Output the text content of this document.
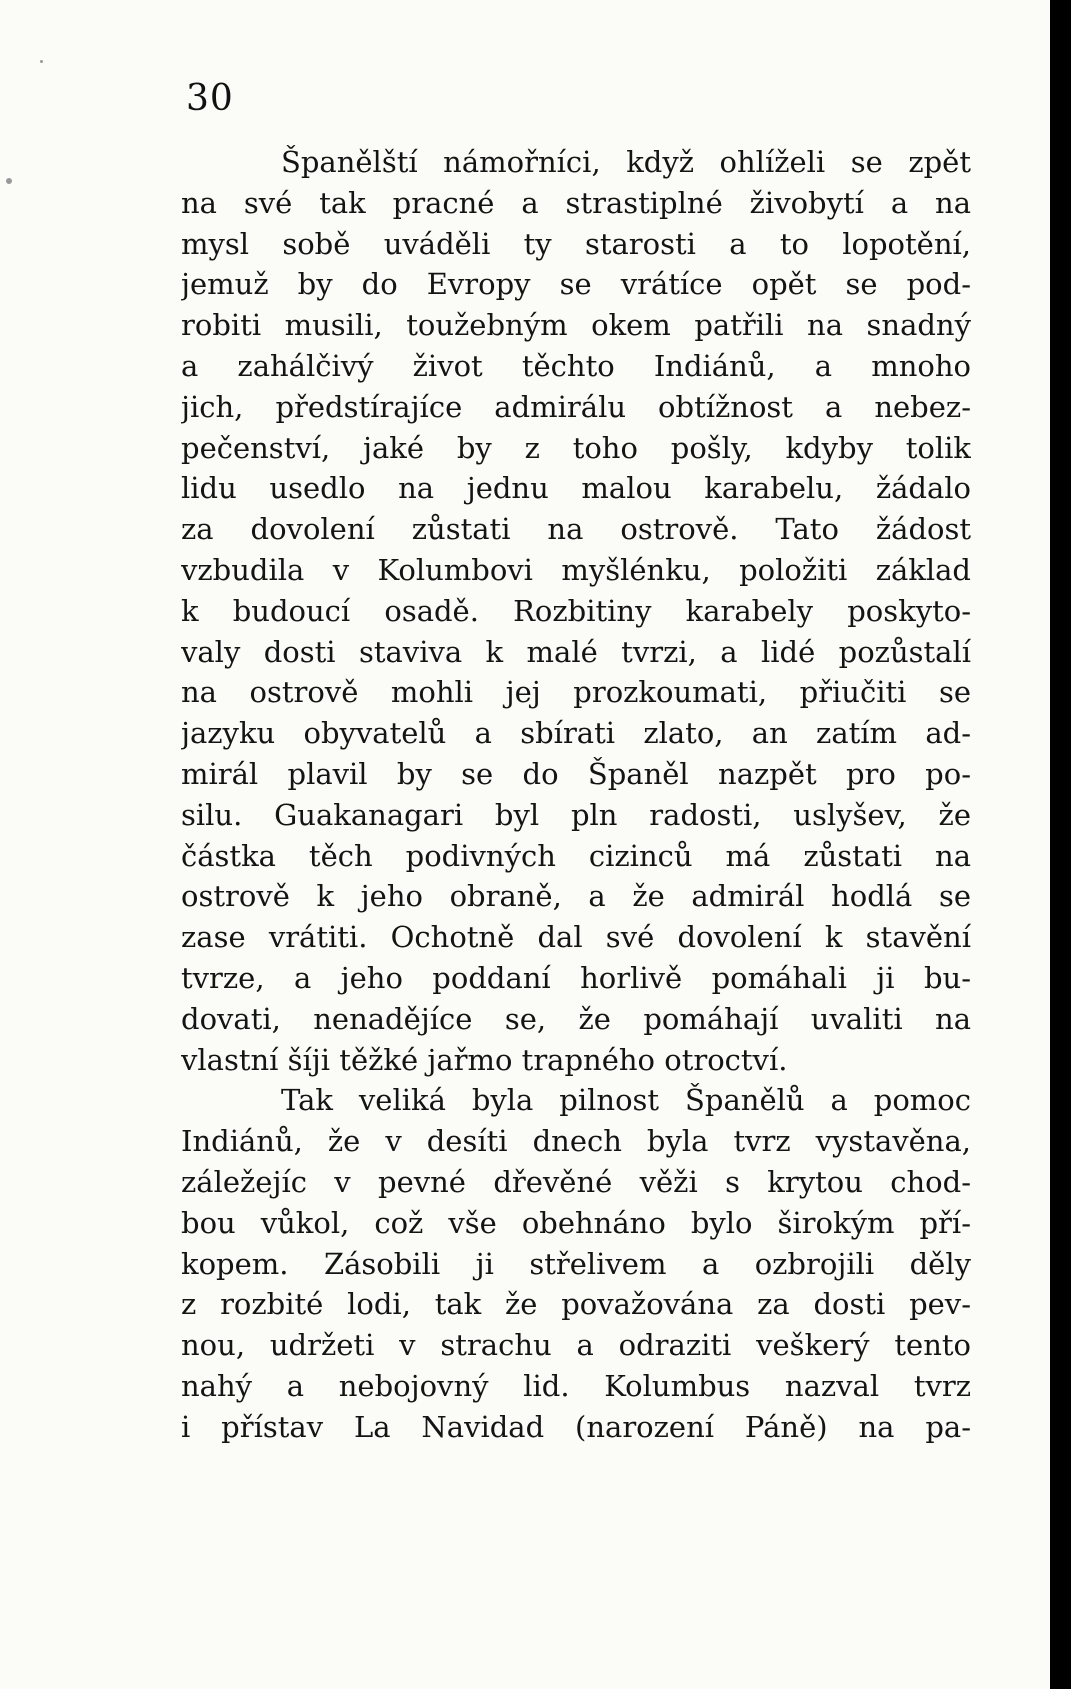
30
Španělští námořníci, když ohlíželi se zpět
na své tak pracné a strastiplné živobytí a na
mysl sobě uváděli ty starosti a to lopotění,
jemuž by do Evropy se vrátíce opět se pod-
robiti musili, toužebným okem patřili na snadný
a zahálčivý život těchto Indiánů, a mnoho
jich, předstírajíce admirálu obtížnost a nebez-
pečenství, jaké by z toho pošly, kdyby tolik
lidu usedlo na jednu malou karabelu, žádalo
za dovolení zůstati na ostrově. Tato žádost
vzbudila v Kolumbovi myšlénku, položiti základ
k budoucí osadě. Rozbitiny karabely poskyto-
valy dosti staviva k malé tvrzi, a lidé pozůstalí
na ostrově mohli jej prozkoumati, přiučiti se
jazyku obyvatelů a sbírati zlato, an zatím ad-
mirál plavil by se do Španěl nazpět pro po-
silu. Guakanagari byl pln radosti, uslyšev, že
částka těch podivných cizinců má zůstati na
ostrově k jeho obraně, a že admirál hodlá se
zase vrátiti. Ochotně dal své dovolení k stavění
tvrze, a jeho poddaní horlivě pomáhali ji bu-
dovati, nenadějíce se, že pomáhají uvaliti na
vlastní šíji těžké jařmo trapného otroctví.
Tak veliká byla pilnost Španělů a pomoc
Indiánů, že v desíti dnech byla tvrz vystavěna,
záležejíc v pevné dřevěné věži s krytou chod-
bou vůkol, což vše obehnáno bylo širokým pří-
kopem. Zásobili ji střelivem a ozbrojili děly
z rozbité lodi, tak že považována za dosti pev-
nou, udržeti v strachu a odraziti veškerý tento
nahý a nebojovný lid. Kolumbus nazval tvrz
i přístav La Navidad (narození Páně) na pa-
